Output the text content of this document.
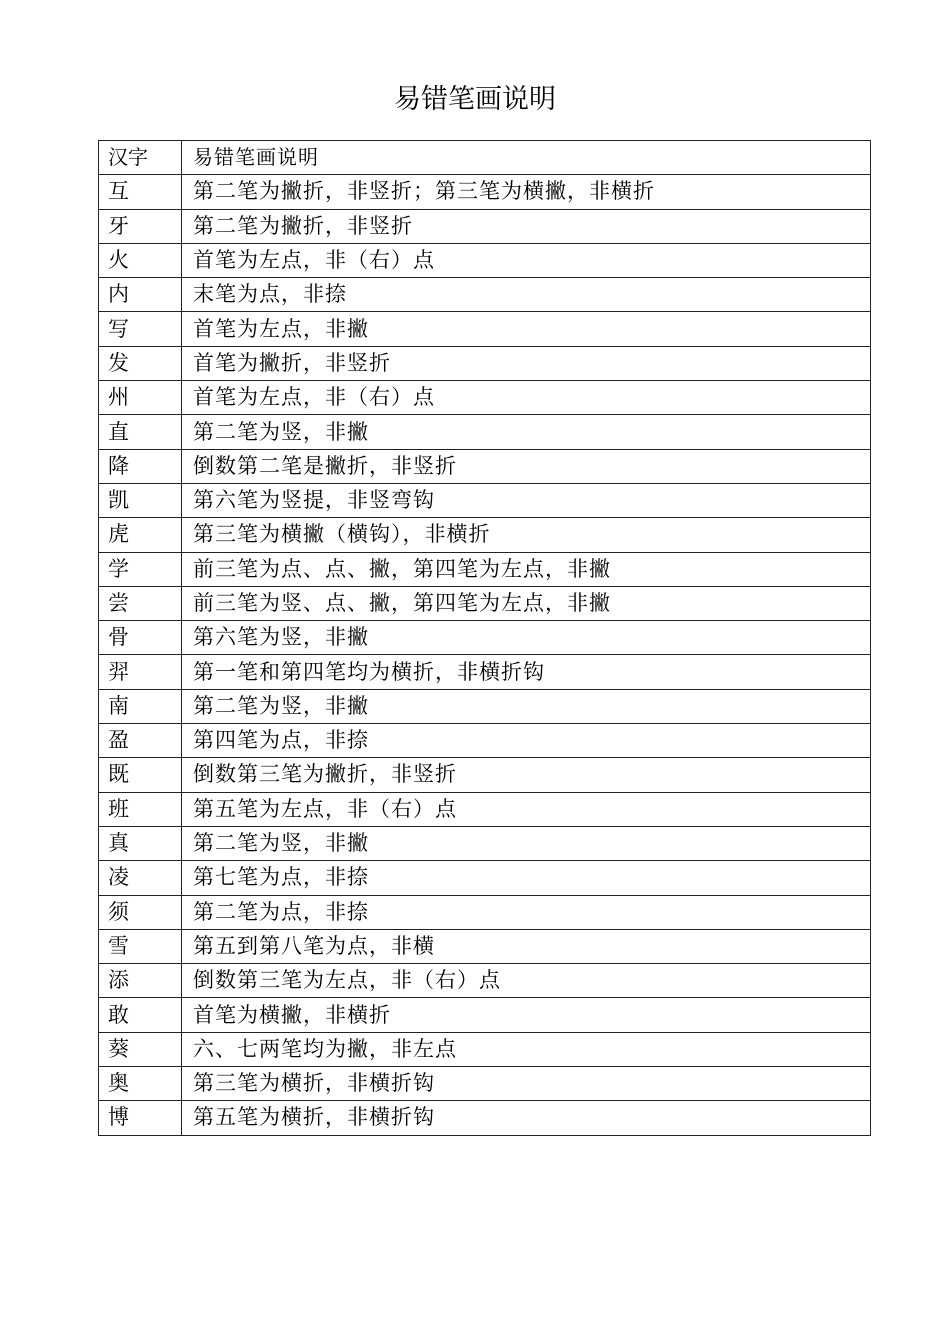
易错笔画说明
汉字	易错笔画说明
互	第二笔为撇折，非竖折；第三笔为横撇，非横折
牙	第二笔为撇折，非竖折
火	首笔为左点，非（右）点
内	末笔为点，非捺
写	首笔为左点，非撇
发	首笔为撇折，非竖折
州	首笔为左点，非（右）点
直	第二笔为竖，非撇
降	倒数第二笔是撇折，非竖折
凯	第六笔为竖提，非竖弯钩
虎	第三笔为横撇（横钩），非横折
学	前三笔为点、点、撇，第四笔为左点，非撇
尝	前三笔为竖、点、撇，第四笔为左点，非撇
骨	第六笔为竖，非撇
羿	第一笔和第四笔均为横折，非横折钩
南	第二笔为竖，非撇
盈	第四笔为点，非捺
既	倒数第三笔为撇折，非竖折
班	第五笔为左点，非（右）点
真	第二笔为竖，非撇
凌	第七笔为点，非捺
须	第二笔为点，非捺
雪	第五到第八笔为点，非横
添	倒数第三笔为左点，非（右）点
敢	首笔为横撇，非横折
葵	六、七两笔均为撇，非左点
奥	第三笔为横折，非横折钩
博	第五笔为横折，非横折钩
